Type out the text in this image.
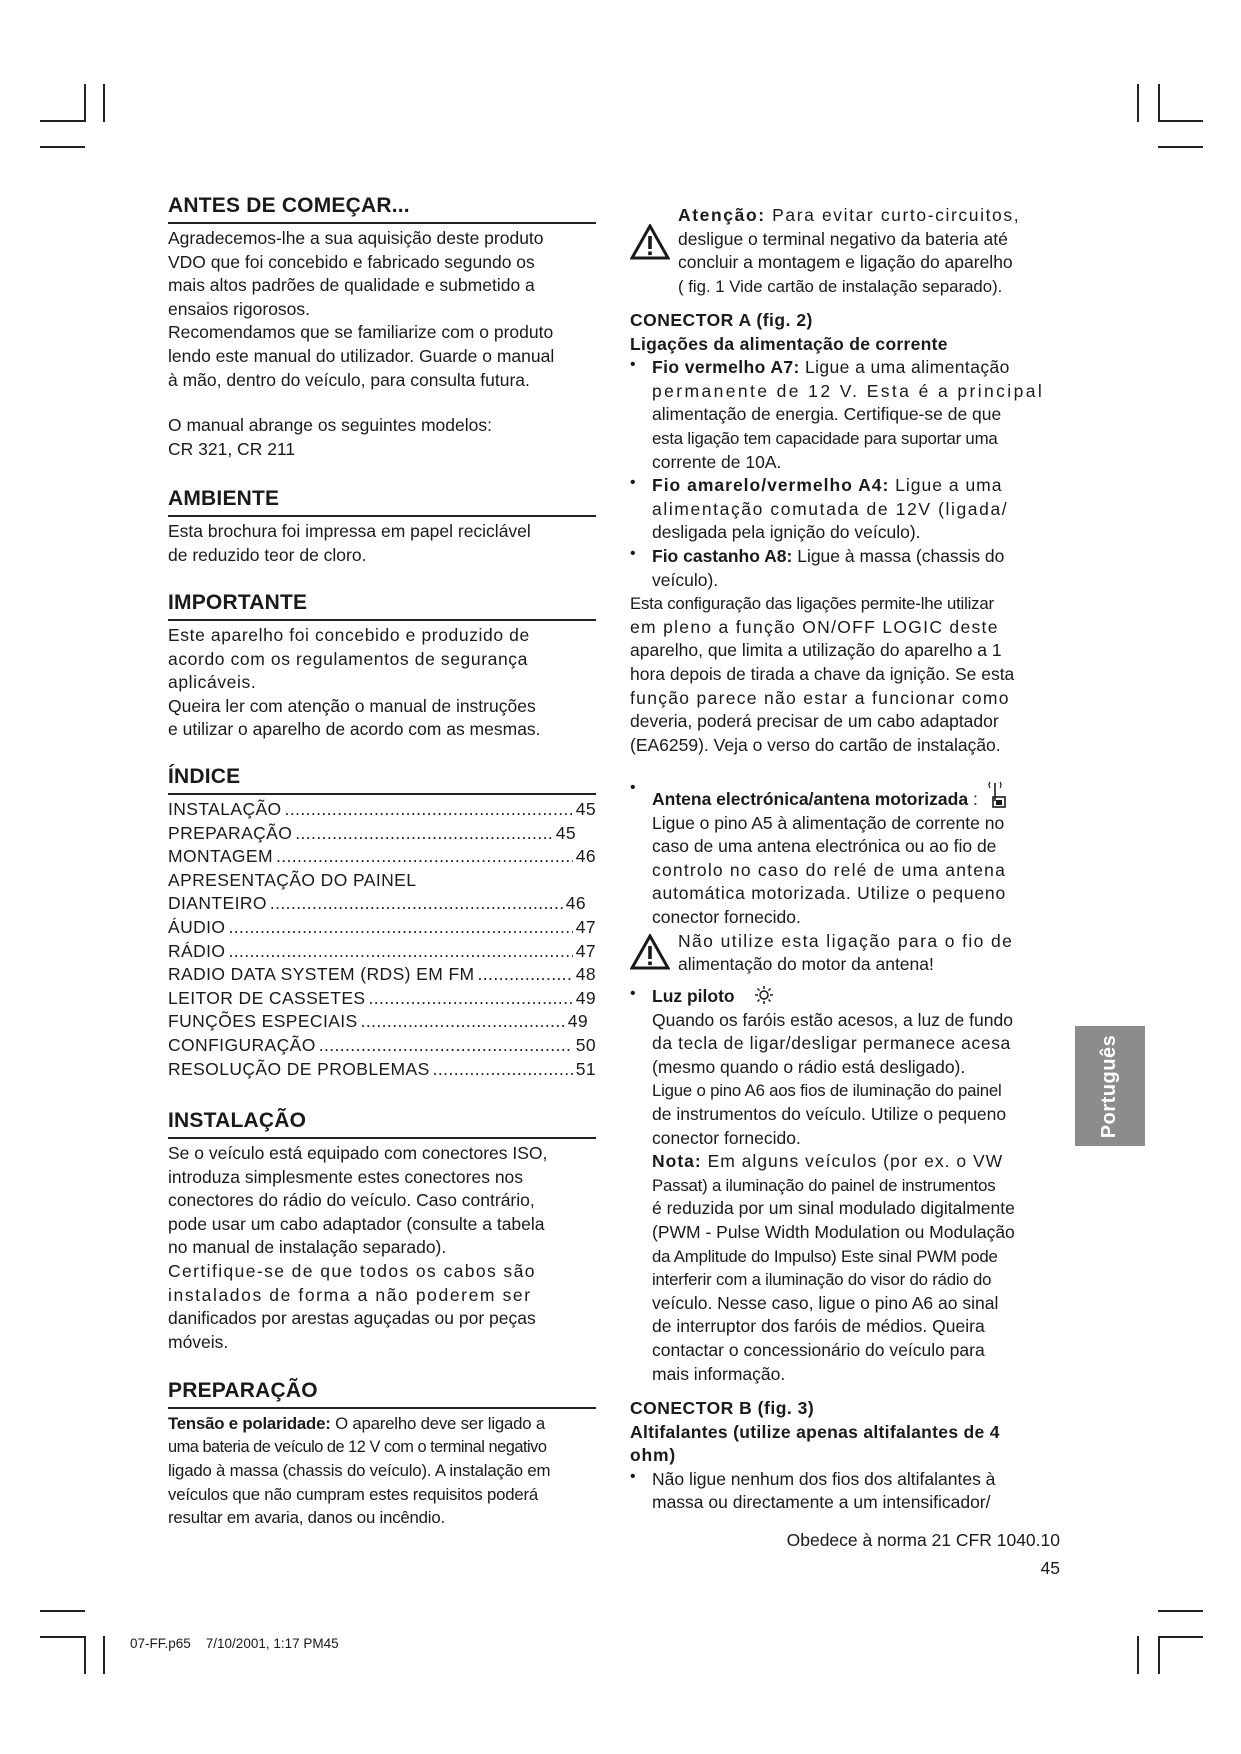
ANTES DE COMEÇAR...

Agradecemos-lhe a sua aquisição deste produto

VDO que foi concebido e fabricado segundo os

mais altos padrões de qualidade e submetido a

ensaios rigorosos.

Recomendamos que se familiarize com o produto

lendo este manual do utilizador. Guarde o manual

à mão, dentro do veículo, para consulta futura.

O manual abrange os seguintes modelos:

CR 321, CR 211

AMBIENTE

Esta brochura foi impressa em papel reciclável

de reduzido teor de cloro.

IMPORTANTE

Este aparelho foi concebido e produzido de

acordo com os regulamentos de segurança

aplicáveis.

Queira ler com atenção o manual de instruções

e utilizar o aparelho de acordo com as mesmas.

ÍNDICE
INSTALAÇÃO .....	45
PREPARAÇÃO .....	45
MONTAGEM .....	46
APRESENTAÇÃO DO PAINEL
DIANTEIRO .....	46
ÁUDIO .....	47
RÁDIO .....	47
RADIO DATA SYSTEM (RDS) EM FM .....	48
LEITOR DE CASSETES .....	49
FUNÇÕES ESPECIAIS .....	49
CONFIGURAÇÃO .....	50
RESOLUÇÃO DE PROBLEMAS .....	51
INSTALAÇÃO

Se o veículo está equipado com conectores ISO,

introduza simplesmente estes conectores nos

conectores do rádio do veículo. Caso contrário,

pode usar um cabo adaptador (consulte a tabela

no manual de instalação separado).

Certifique-se de que todos os cabos são

instalados de forma a não poderem ser

danificados por arestas aguçadas ou por peças

móveis.

PREPARAÇÃO

Tensão e polaridade: O aparelho deve ser ligado a

uma bateria de veículo de 12 V com o terminal negativo

ligado à massa (chassis do veículo). A instalação em

veículos que não cumpram estes requisitos poderá

resultar em avaria, danos ou incêndio.

Atenção: Para evitar curto-circuitos,

desligue o terminal negativo da bateria até

concluir a montagem e ligação do aparelho

( fig. 1 Vide cartão de instalação separado).

CONECTOR A (fig. 2)

Ligações da alimentação de corrente

• Fio vermelho A7: Ligue a uma alimentação

permanente de 12 V. Esta é a principal

alimentação de energia. Certifique-se de que

esta ligação tem capacidade para suportar uma

corrente de 10A.

• Fio amarelo/vermelho A4: Ligue a uma

alimentação comutada de 12V (ligada/

desligada pela ignição do veículo).

• Fio castanho A8: Ligue à massa (chassis do

veículo).

Esta configuração das ligações permite-lhe utilizar

em pleno a função ON/OFF LOGIC deste

aparelho, que limita a utilização do aparelho a 1

hora depois de tirada a chave da ignição. Se esta

função parece não estar a funcionar como

deveria, poderá precisar de um cabo adaptador

(EA6259). Veja o verso do cartão de instalação.

•

Antena electrónica/antena motorizada :

Ligue o pino A5 à alimentação de corrente no

caso de uma antena electrónica ou ao fio de

controlo no caso do relé de uma antena

automática motorizada. Utilize o pequeno

conector fornecido.

Não utilize esta ligação para o fio de

alimentação do motor da antena!

• Luz piloto

Quando os faróis estão acesos, a luz de fundo

da tecla de ligar/desligar permanece acesa

(mesmo quando o rádio está desligado).

Ligue o pino A6 aos fios de iluminação do painel

de instrumentos do veículo. Utilize o pequeno

conector fornecido.

Nota: Em alguns veículos (por ex. o VW

Passat) a iluminação do painel de instrumentos

é reduzida por um sinal modulado digitalmente

(PWM - Pulse Width Modulation ou Modulação

da Amplitude do Impulso) Este sinal PWM pode

interferir com a iluminação do visor do rádio do

veículo. Nesse caso, ligue o pino A6 ao sinal

de interruptor dos faróis de médios. Queira

contactar o concessionário do veículo para

mais informação.

CONECTOR B (fig. 3)

Altifalantes (utilize apenas altifalantes de 4

ohm)

• Não ligue nenhum dos fios dos altifalantes à

massa ou directamente a um intensificador/

Obedece à norma 21 CFR 1040.10

45

Português
07-FF.p65    7/10/2001, 1:17 PM45
